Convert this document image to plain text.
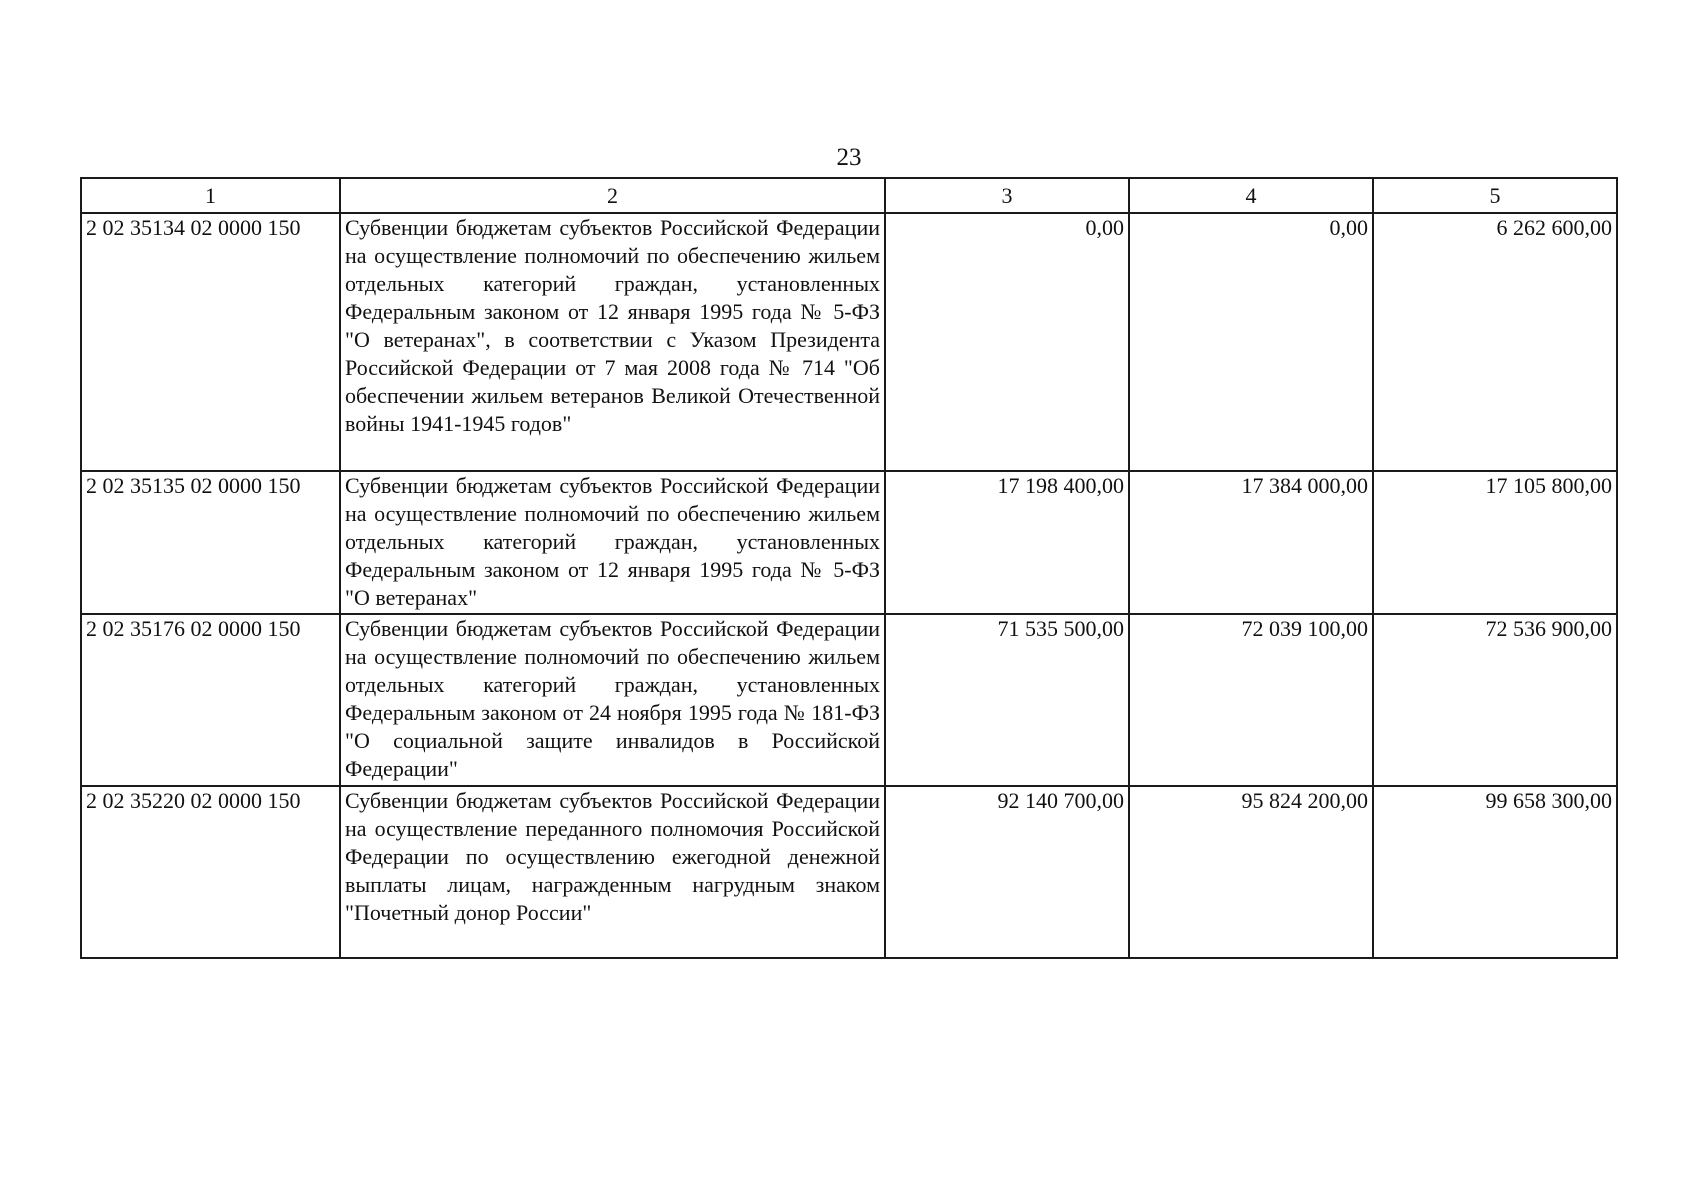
23
1	2	3	4	5
2 02 35134 02 0000 150	Субвенции бюджетам субъектов Российской Федерации на осуществление полномочий по обеспечению жильем отдельных категорий граждан, установленных Федеральным законом от 12 января 1995 года № 5-ФЗ "О ветеранах", в соответствии с Указом Президента Российской Федерации от 7 мая 2008 года № 714 "Об обеспечении жильем ветеранов Великой Отечественной войны 1941-1945 годов"	0,00	0,00	6 262 600,00
2 02 35135 02 0000 150	Субвенции бюджетам субъектов Российской Федерации на осуществление полномочий по обеспечению жильем отдельных категорий граждан, установленных Федеральным законом от 12 января 1995 года № 5-ФЗ "О ветеранах"	17 198 400,00	17 384 000,00	17 105 800,00
2 02 35176 02 0000 150	Субвенции бюджетам субъектов Российской Федерации на осуществление полномочий по обеспечению жильем отдельных категорий граждан, установленных Федеральным законом от 24 ноября 1995 года № 181-ФЗ "О социальной защите инвалидов в Российской Федерации"	71 535 500,00	72 039 100,00	72 536 900,00
2 02 35220 02 0000 150	Субвенции бюджетам субъектов Российской Федерации на осуществление переданного полномочия Российской Федерации по осуществлению ежегодной денежной выплаты лицам, награжденным нагрудным знаком "Почетный донор России"	92 140 700,00	95 824 200,00	99 658 300,00
